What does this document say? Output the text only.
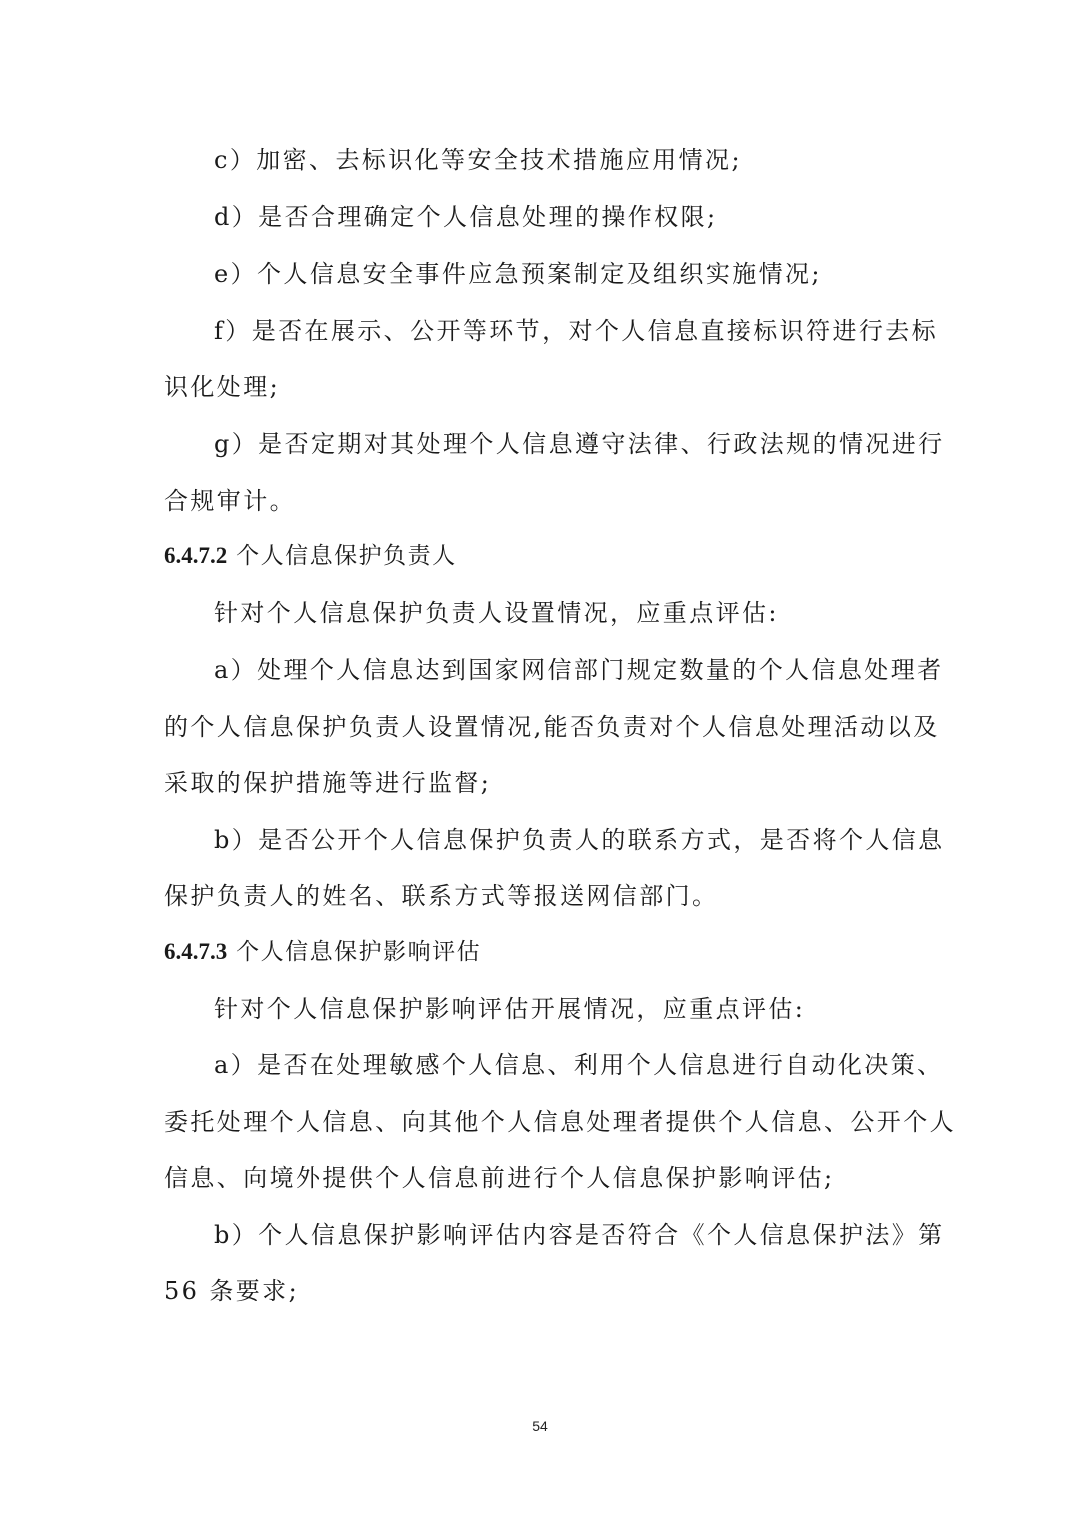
c）加密、去标识化等安全技术措施应用情况;
d）是否合理确定个人信息处理的操作权限;
e）个人信息安全事件应急预案制定及组织实施情况;
f）是否在展示、公开等环节，对个人信息直接标识符进行去标
识化处理;
g）是否定期对其处理个人信息遵守法律、行政法规的情况进行
合规审计。
6.4.7.2 个人信息保护负责人
针对个人信息保护负责人设置情况，应重点评估:
a）处理个人信息达到国家网信部门规定数量的个人信息处理者
的个人信息保护负责人设置情况,能否负责对个人信息处理活动以及
采取的保护措施等进行监督;
b）是否公开个人信息保护负责人的联系方式，是否将个人信息
保护负责人的姓名、联系方式等报送网信部门。
6.4.7.3 个人信息保护影响评估
针对个人信息保护影响评估开展情况，应重点评估:
a）是否在处理敏感个人信息、利用个人信息进行自动化决策、
委托处理个人信息、向其他个人信息处理者提供个人信息、公开个人
信息、向境外提供个人信息前进行个人信息保护影响评估;
b）个人信息保护影响评估内容是否符合《个人信息保护法》第
56 条要求;
54
